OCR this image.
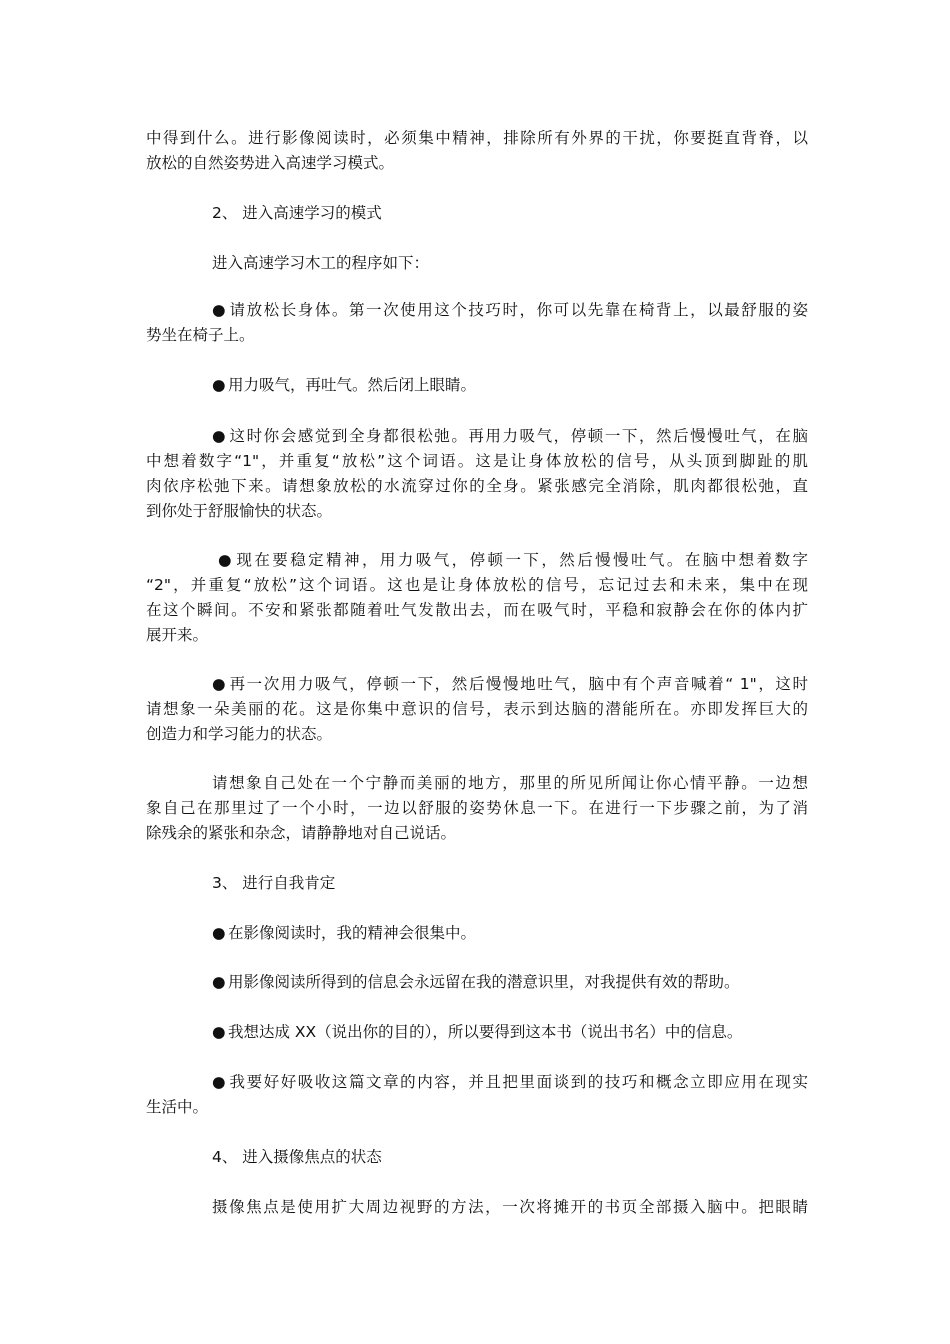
中得到什么。进行影像阅读时，必须集中精神，排除所有外界的干扰，你要挺直背脊，以
放松的自然姿势进入高速学习模式。
2、 进入高速学习的模式
进入高速学习木工的程序如下：
● 请放松长身体。第一次使用这个技巧时，你可以先靠在椅背上，以最舒服的姿
势坐在椅子上。
● 用力吸气，再吐气。然后闭上眼睛。
● 这时你会感觉到全身都很松弛。再用力吸气，停顿一下，然后慢慢吐气，在脑
中想着数字“1"，并重复“放松”这个词语。这是让身体放松的信号，从头顶到脚趾的肌
肉依序松弛下来。请想象放松的水流穿过你的全身。紧张感完全消除，肌肉都很松弛，直
到你处于舒服愉快的状态。
● 现在要稳定精神，用力吸气，停顿一下，然后慢慢吐气。在脑中想着数字
“2"，并重复“放松”这个词语。这也是让身体放松的信号，忘记过去和未来，集中在现
在这个瞬间。不安和紧张都随着吐气发散出去，而在吸气时，平稳和寂静会在你的体内扩
展开来。
● 再一次用力吸气，停顿一下，然后慢慢地吐气，脑中有个声音喊着“ 1"，这时
请想象一朵美丽的花。这是你集中意识的信号，表示到达脑的潜能所在。亦即发挥巨大的
创造力和学习能力的状态。
请想象自己处在一个宁静而美丽的地方，那里的所见所闻让你心情平静。一边想
象自己在那里过了一个小时，一边以舒服的姿势休息一下。在进行一下步骤之前，为了消
除残余的紧张和杂念，请静静地对自己说话。
3、 进行自我肯定
● 在影像阅读时，我的精神会很集中。
● 用影像阅读所得到的信息会永远留在我的潜意识里，对我提供有效的帮助。
● 我想达成 XX（说出你的目的），所以要得到这本书（说出书名）中的信息。
● 我要好好吸收这篇文章的内容，并且把里面谈到的技巧和概念立即应用在现实
生活中。
4、 进入摄像焦点的状态
摄像焦点是使用扩大周边视野的方法，一次将摊开的书页全部摄入脑中。把眼睛
